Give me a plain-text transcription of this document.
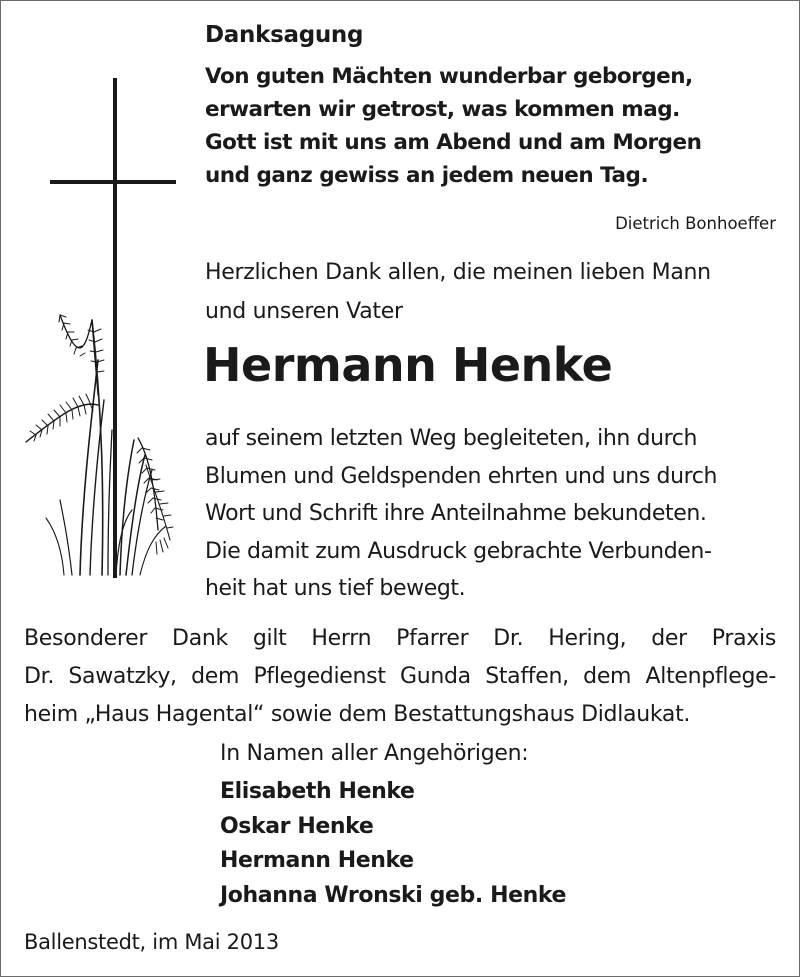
Danksagung
Von guten Mächten wunderbar geborgen,
erwarten wir getrost, was kommen mag.
Gott ist mit uns am Abend und am Morgen
und ganz gewiss an jedem neuen Tag.
Dietrich Bonhoeffer
Herzlichen Dank allen, die meinen lieben Mann
und unseren Vater
Hermann Henke
auf seinem letzten Weg begleiteten, ihn durch
Blumen und Geldspenden ehrten und uns durch
Wort und Schrift ihre Anteilnahme bekundeten.
Die damit zum Ausdruck gebrachte Verbunden-
heit hat uns tief bewegt.
Besonderer Dank gilt Herrn Pfarrer Dr. Hering, der Praxis
Dr. Sawatzky, dem Pflegedienst Gunda Staffen, dem Altenpflege-
heim „Haus Hagental“ sowie dem Bestattungshaus Didlaukat.
In Namen aller Angehörigen:
Elisabeth Henke
Oskar Henke
Hermann Henke
Johanna Wronski geb. Henke
Ballenstedt, im Mai 2013
